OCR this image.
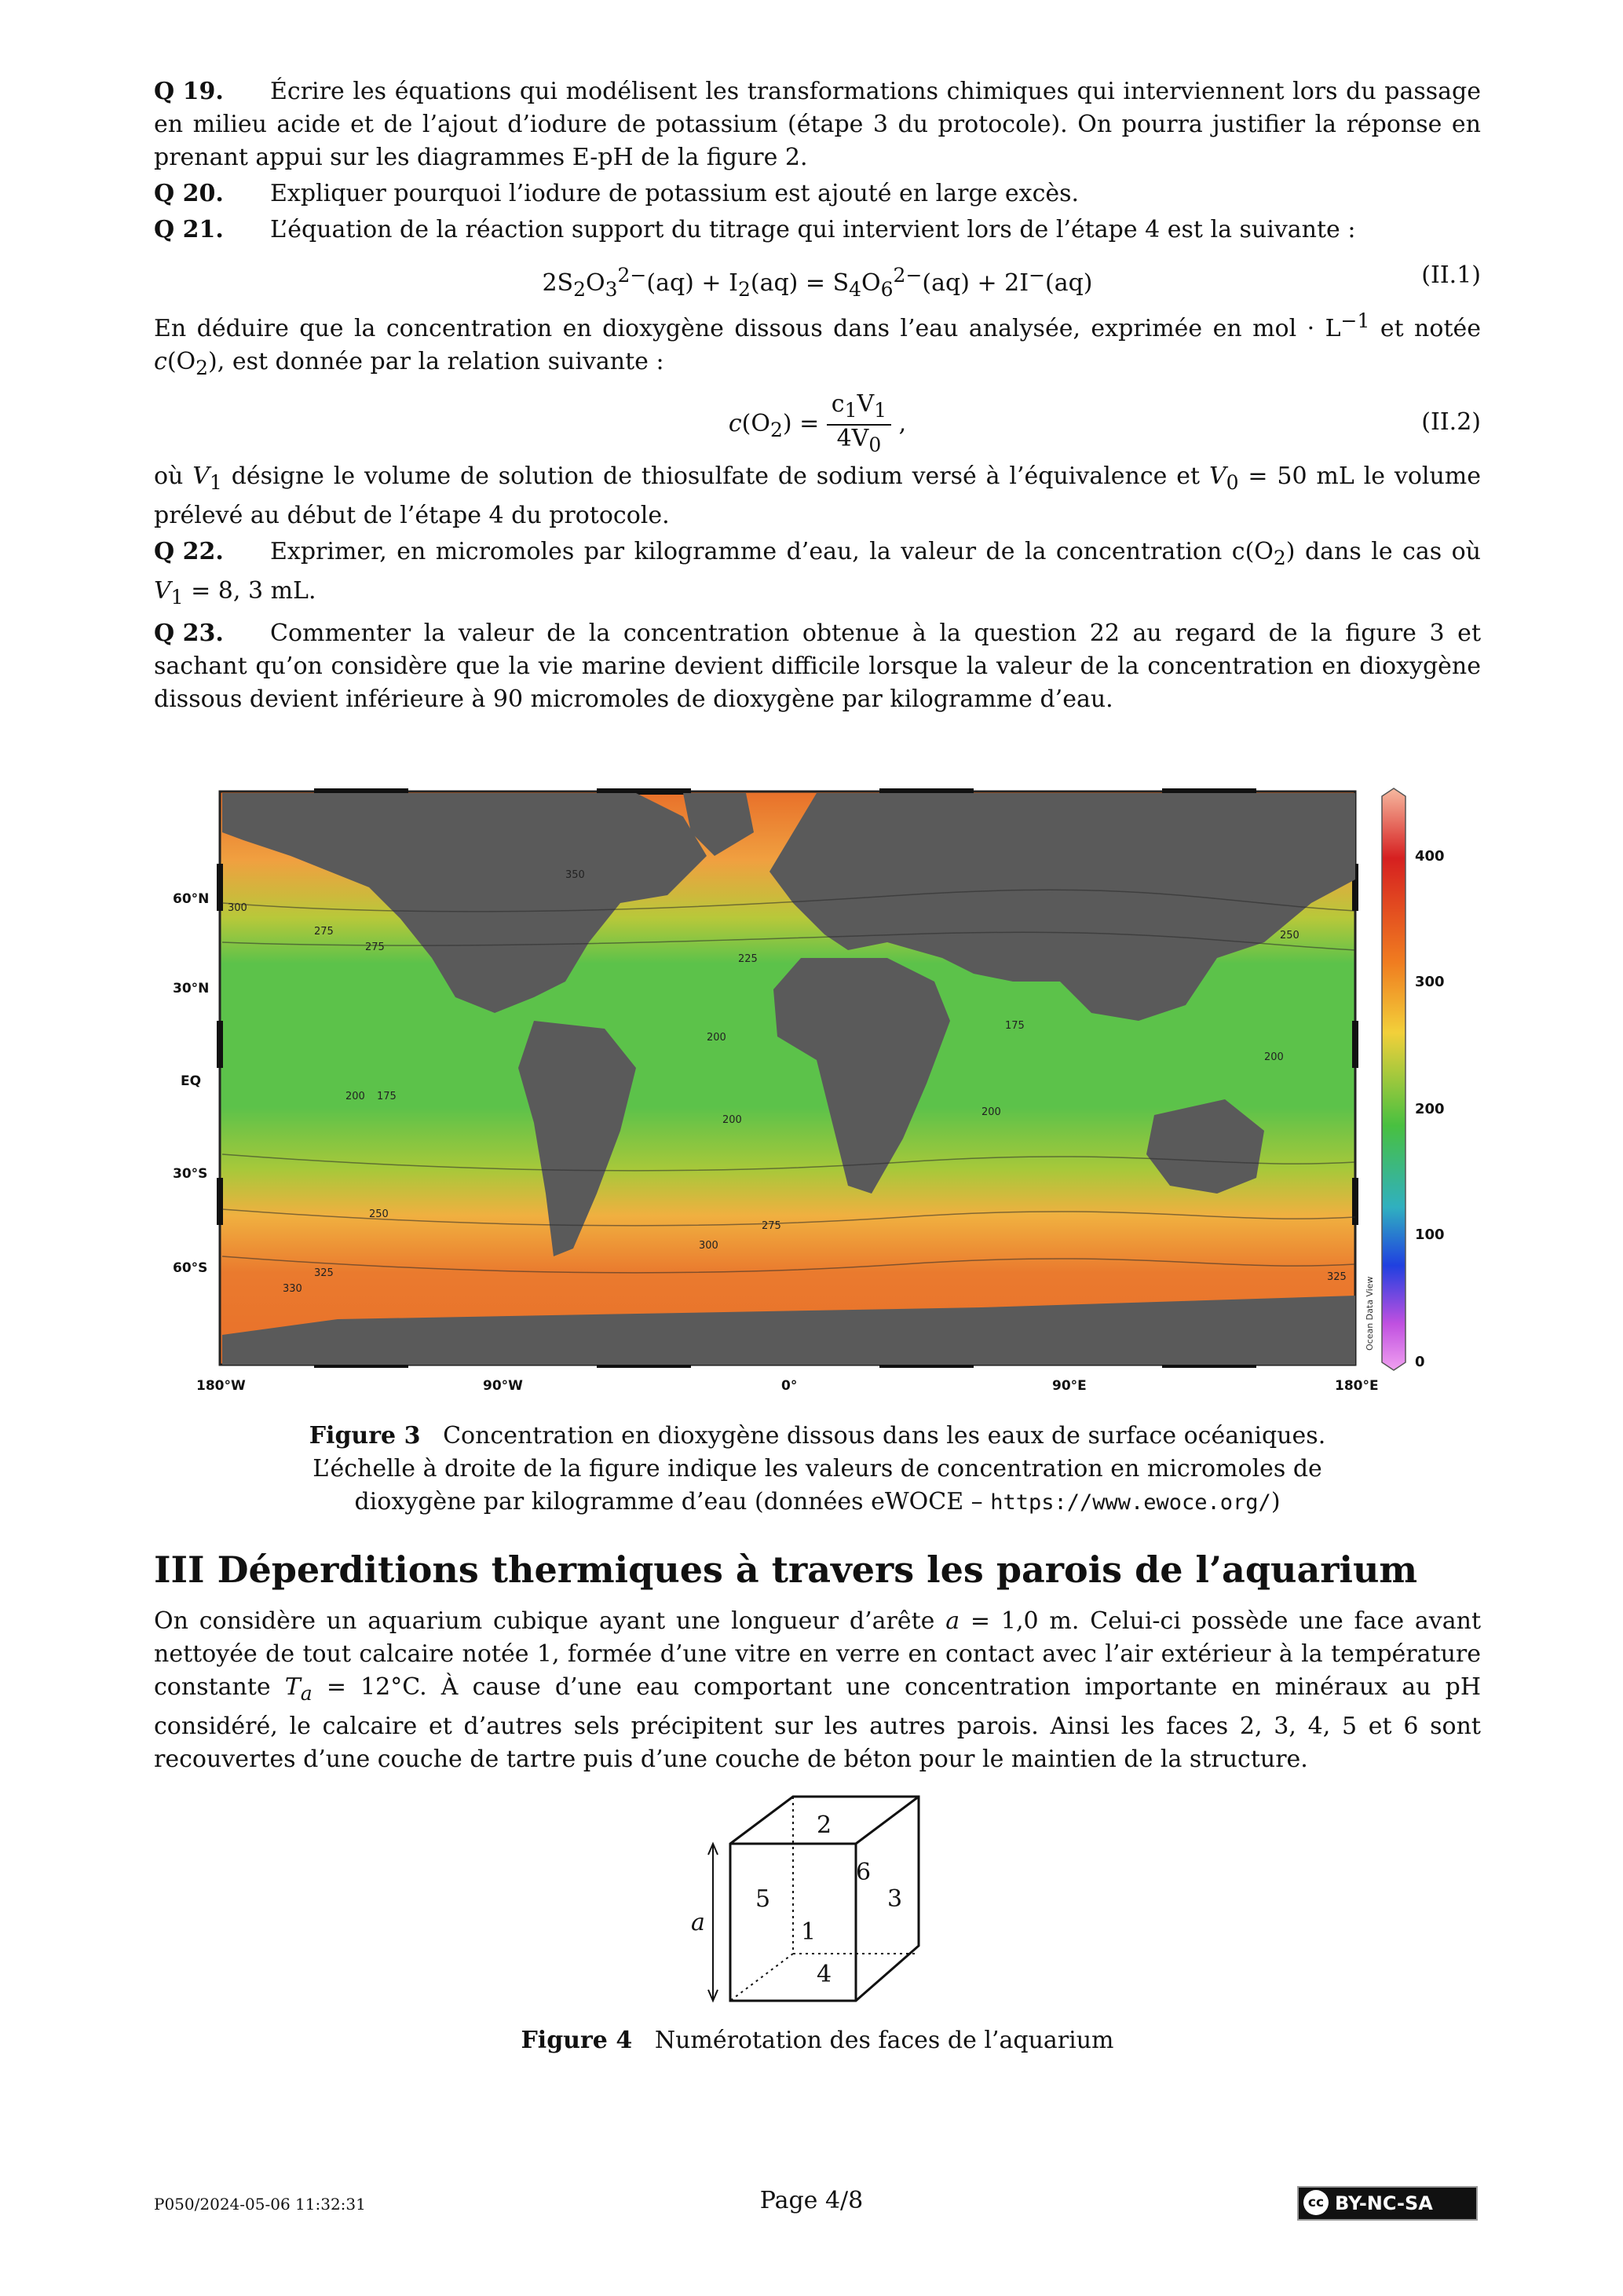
Q 19. Écrire les équations qui modélisent les transformations chimiques qui interviennent lors du passage en milieu acide et de l’ajout d’iodure de potassium (étape 3 du protocole). On pourra justifier la réponse en prenant appui sur les diagrammes E-pH de la figure 2.

Q 20. Expliquer pourquoi l’iodure de potassium est ajouté en large excès.

Q 21. L’équation de la réaction support du titrage qui intervient lors de l’étape 4 est la suivante :

$2S_2O_3^{2-}(aq) + I_2(aq) = S_4O_6^{2-}(aq) + 2I^-(aq)$	(II.1)

En déduire que la concentration en dioxygène dissous dans l’eau analysée, exprimée en mol · $L^{-1}$ et notée $c(O_2)$, est donnée par la relation suivante :

$c(O_2) = \frac{c_1V_1}{4V_0}$ ,	(II.2)

où $V_1$ désigne le volume de solution de thiosulfate de sodium versé à l’équivalence et $V_0 = 50$ mL le volume prélevé au début de l’étape 4 du protocole.

Q 22. Exprimer, en micromoles par kilogramme d’eau, la valeur de la concentration $c(O_2)$ dans le cas où $V_1 = 8$, 3 mL.

Q 23. Commenter la valeur de la concentration obtenue à la question 22 au regard de la figure 3 et sachant qu’on considère que la vie marine devient difficile lorsque la valeur de la concentration en dioxygène dissous devient inférieure à 90 micromoles de dioxygène par kilogramme d’eau.

350
300
275
275
250
225
200
200
200
175
175
200
250
275
300
325
330
325
200
60°N
30°N
EQ
30°S
60°S
180°W	90°W	0°	90°E	180°E
Ocean Data View
400
300
200
100
0
Figure 3 Concentration en dioxygène dissous dans les eaux de surface océaniques.
L’échelle à droite de la figure indique les valeurs de concentration en micromoles de
dioxygène par kilogramme d’eau (données eWOCE – https://www.ewoce.org/)
III Déperditions thermiques à travers les parois de l’aquarium

On considère un aquarium cubique ayant une longueur d’arête a = 1,0 m. Celui-ci possède une face avant nettoyée de tout calcaire notée 1, formée d’une vitre en verre en contact avec l’air extérieur à la température constante $T_a = 12^\circ C$. À cause d’une eau comportant une concentration importante en minéraux au pH considéré, le calcaire et d’autres sels précipitent sur les autres parois. Ainsi les faces 2, 3, 4, 5 et 6 sont recouvertes d’une couche de tartre puis d’une couche de béton pour le maintien de la structure.

2
6
5	3
1
4
a
Figure 4 Numérotation des faces de l’aquarium
P050/2024-05-06 11:32:31	Page 4/8	cc BY-NC-SA
